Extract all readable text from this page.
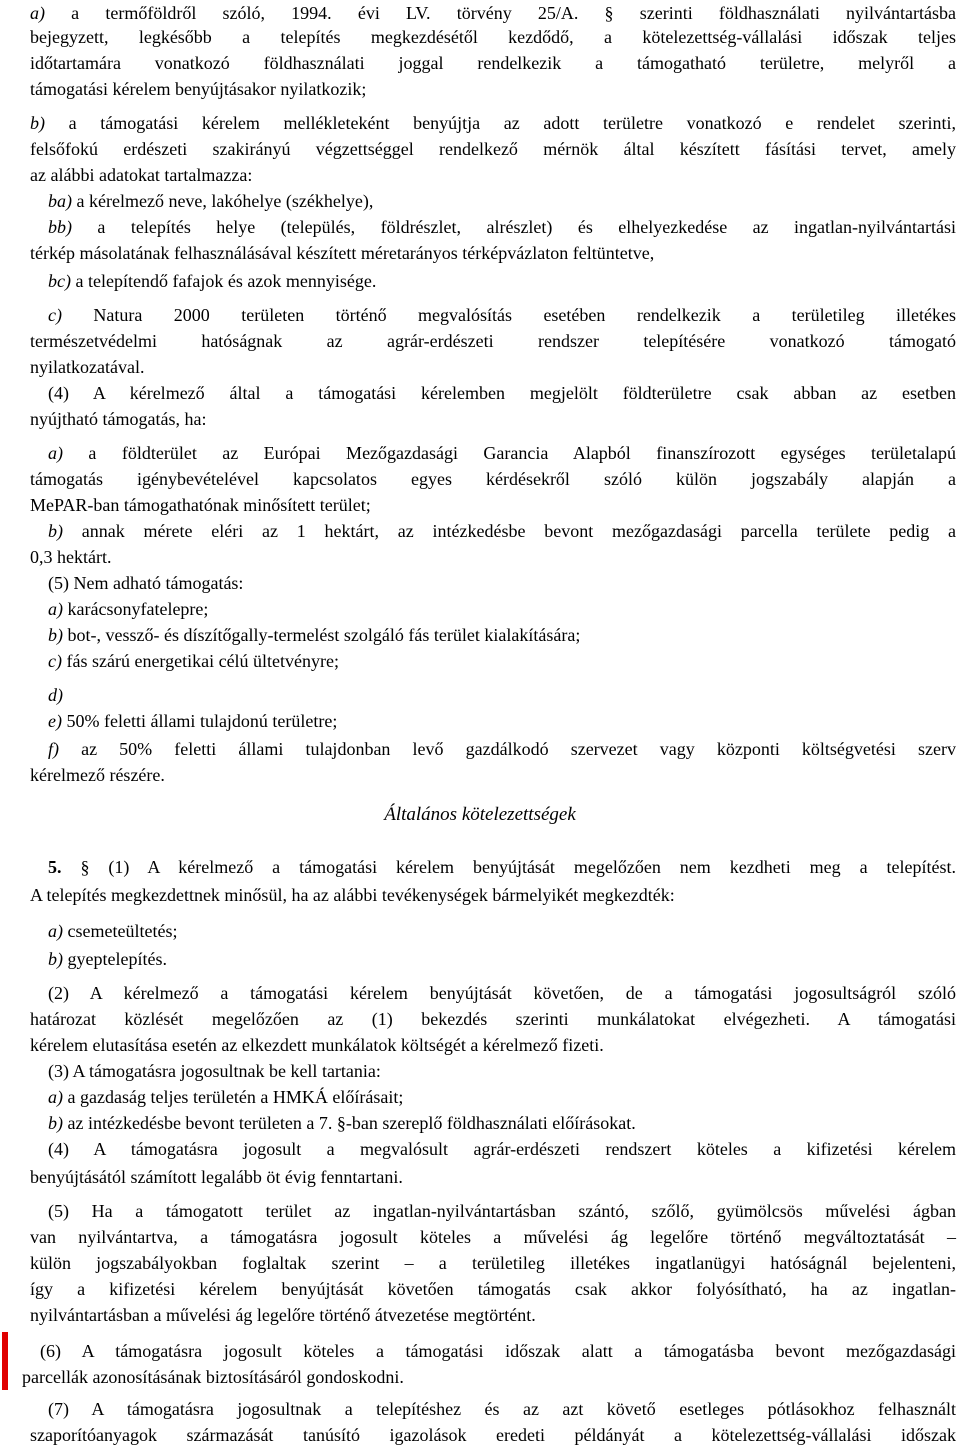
Általános kötelezettségek
a) a termőföldről szóló, 1994. évi LV. törvény 25/A. § szerinti földhasználati nyilvántartásba
bejegyzett, legkésőbb a telepítés megkezdésétől kezdődő, a kötelezettség-vállalási időszak teljes
időtartamára vonatkozó földhasználati joggal rendelkezik a támogatható területre, melyről a
támogatási kérelem benyújtásakor nyilatkozik;
b) a támogatási kérelem mellékleteként benyújtja az adott területre vonatkozó e rendelet szerinti,
felsőfokú erdészeti szakirányú végzettséggel rendelkező mérnök által készített fásítási tervet, amely
az alábbi adatokat tartalmazza:
ba) a kérelmező neve, lakóhelye (székhelye),
bb) a telepítés helye (település, földrészlet, alrészlet) és elhelyezkedése az ingatlan-nyilvántartási
térkép másolatának felhasználásával készített méretarányos térképvázlaton feltüntetve,
bc) a telepítendő fafajok és azok mennyisége.
c) Natura 2000 területen történő megvalósítás esetében rendelkezik a területileg illetékes
természetvédelmi hatóságnak az agrár-erdészeti rendszer telepítésére vonatkozó támogató
nyilatkozatával.
(4) A kérelmező által a támogatási kérelemben megjelölt földterületre csak abban az esetben
nyújtható támogatás, ha:
a) a földterület az Európai Mezőgazdasági Garancia Alapból finanszírozott egységes területalapú
támogatás igénybevételével kapcsolatos egyes kérdésekről szóló külön jogszabály alapján a
MePAR-ban támogathatónak minősített terület;
b) annak mérete eléri az 1 hektárt, az intézkedésbe bevont mezőgazdasági parcella területe pedig a
0,3 hektárt.
(5) Nem adható támogatás:
a) karácsonyfatelepre;
b) bot-, vessző- és díszítőgally-termelést szolgáló fás terület kialakítására;
c) fás szárú energetikai célú ültetvényre;
d)
e) 50% feletti állami tulajdonú területre;
f) az 50% feletti állami tulajdonban levő gazdálkodó szervezet vagy központi költségvetési szerv
kérelmező részére.
5. § (1) A kérelmező a támogatási kérelem benyújtását megelőzően nem kezdheti meg a telepítést.
A telepítés megkezdettnek minősül, ha az alábbi tevékenységek bármelyikét megkezdték:
a) csemeteültetés;
b) gyeptelepítés.
(2) A kérelmező a támogatási kérelem benyújtását követően, de a támogatási jogosultságról szóló
határozat közlését megelőzően az (1) bekezdés szerinti munkálatokat elvégezheti. A támogatási
kérelem elutasítása esetén az elkezdett munkálatok költségét a kérelmező fizeti.
(3) A támogatásra jogosultnak be kell tartania:
a) a gazdaság teljes területén a HMKÁ előírásait;
b) az intézkedésbe bevont területen a 7. §-ban szereplő földhasználati előírásokat.
(4) A támogatásra jogosult a megvalósult agrár-erdészeti rendszert köteles a kifizetési kérelem
benyújtásától számított legalább öt évig fenntartani.
(5) Ha a támogatott terület az ingatlan-nyilvántartásban szántó, szőlő, gyümölcsös művelési ágban
van nyilvántartva, a támogatásra jogosult köteles a művelési ág legelőre történő megváltoztatását –
külön jogszabályokban foglaltak szerint – a területileg illetékes ingatlanügyi hatóságnál bejelenteni,
így a kifizetési kérelem benyújtását követően támogatás csak akkor folyósítható, ha az ingatlan-
nyilvántartásban a művelési ág legelőre történő átvezetése megtörtént.
(6) A támogatásra jogosult köteles a támogatási időszak alatt a támogatásba bevont mezőgazdasági
parcellák azonosításának biztosításáról gondoskodni.
(7) A támogatásra jogosultnak a telepítéshez és az azt követő esetleges pótlásokhoz felhasznált
szaporítóanyagok származását tanúsító igazolások eredeti példányát a kötelezettség-vállalási időszak
